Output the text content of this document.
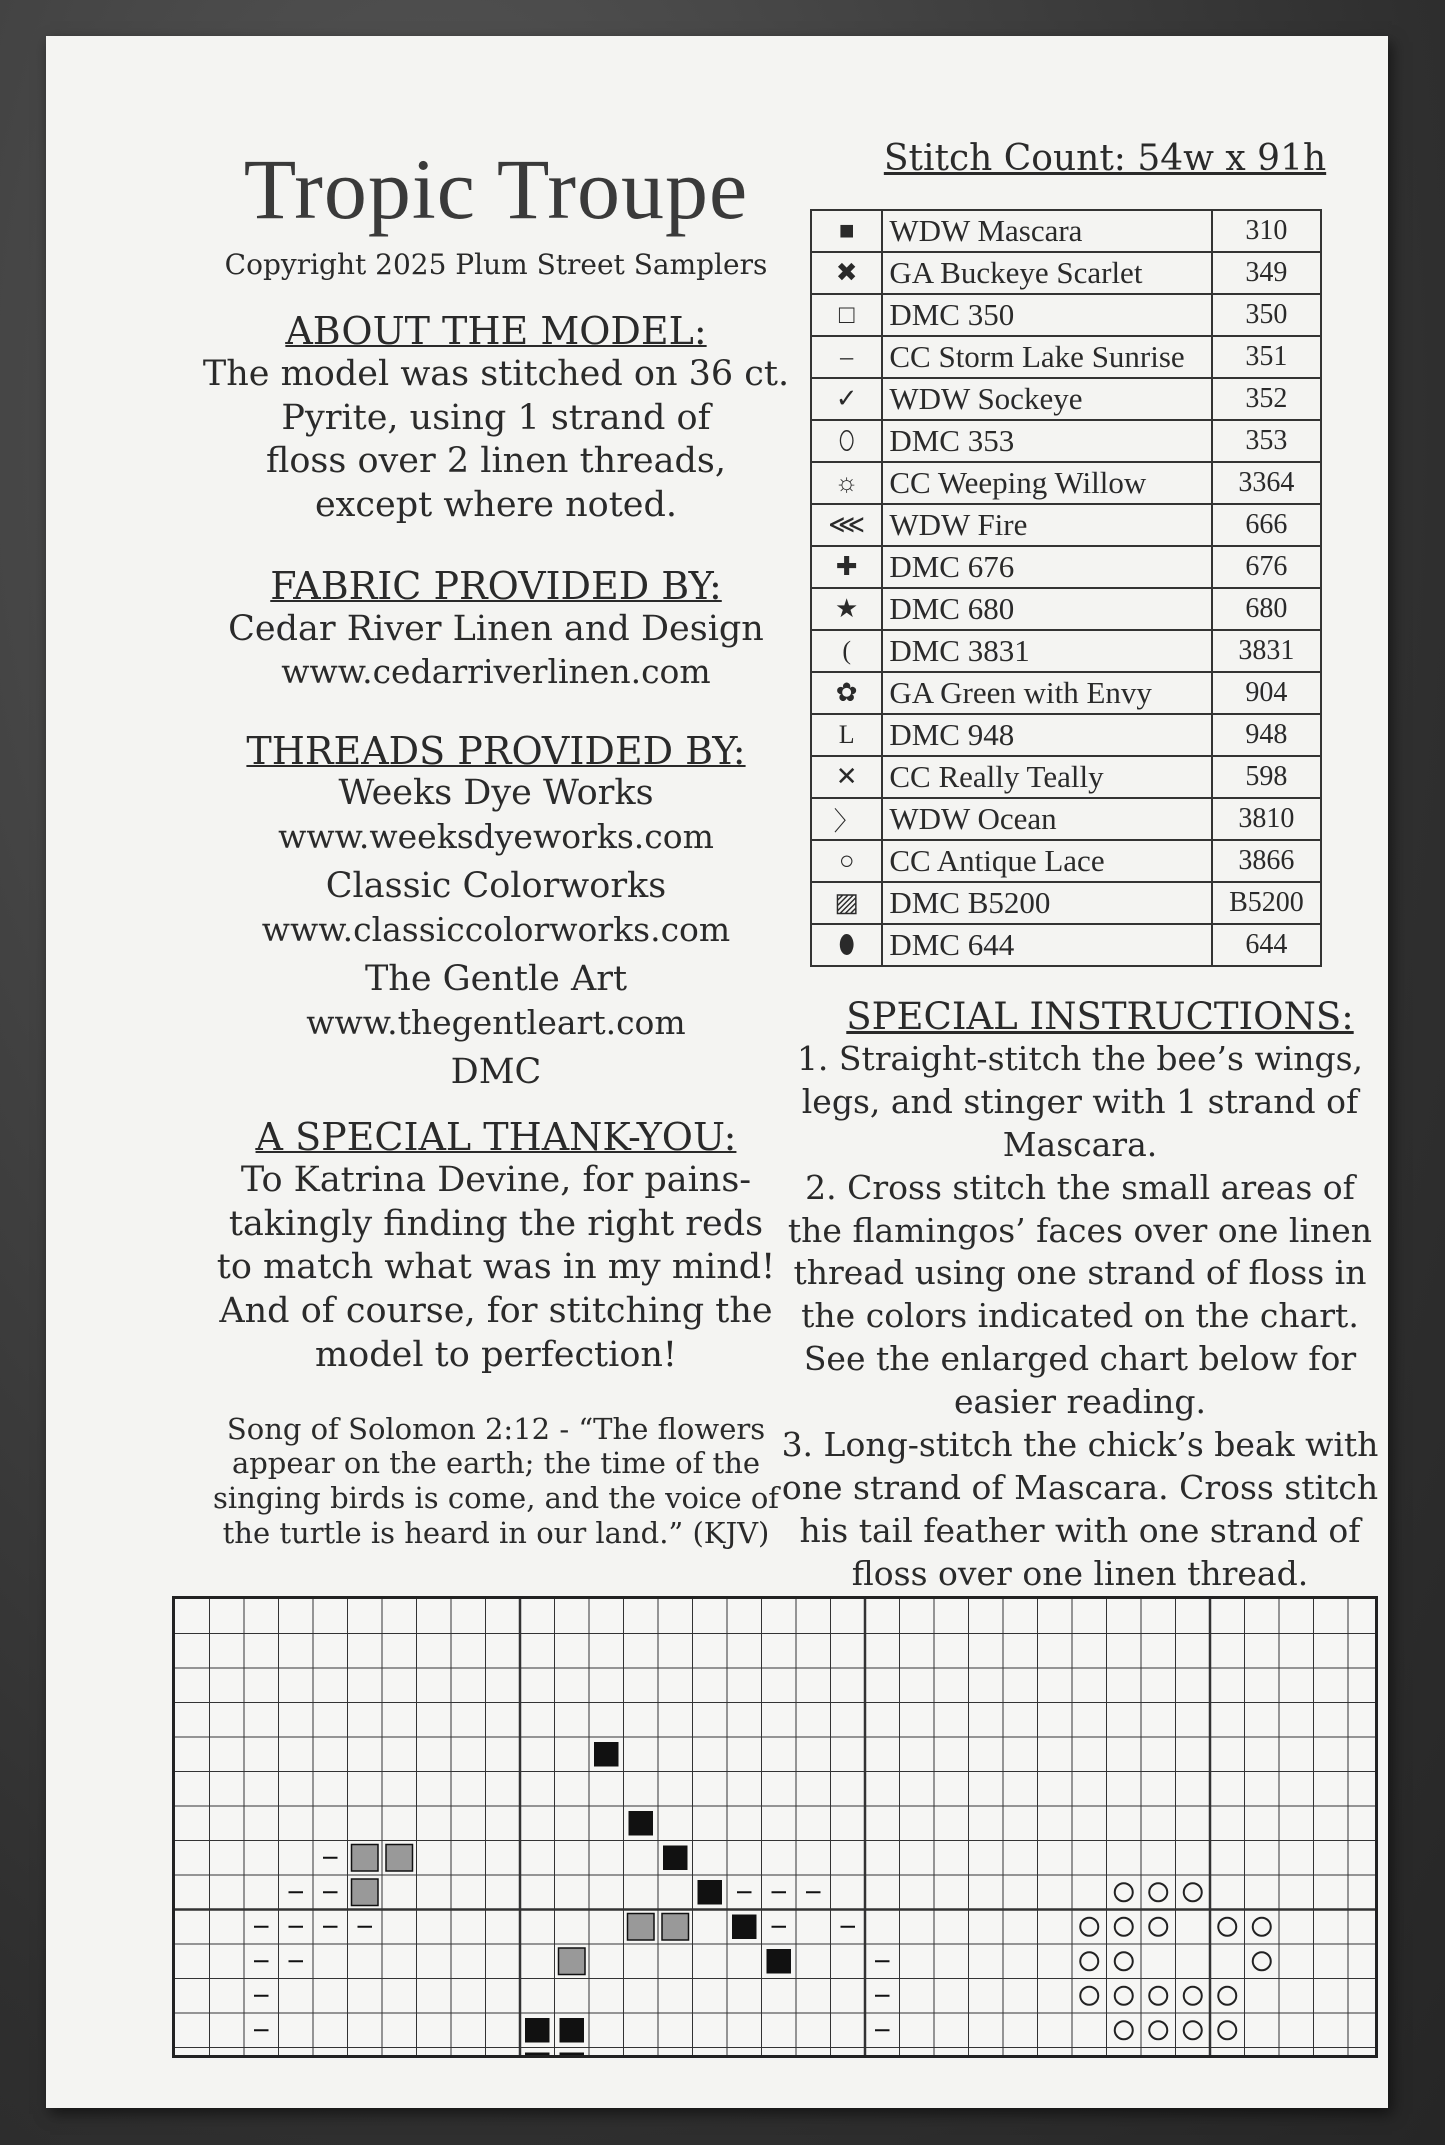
Tropic Troupe
Copyright 2025 Plum Street Samplers
ABOUT THE MODEL:
The model was stitched on 36 ct.
Pyrite, using 1 strand of
floss over 2 linen threads,
except where noted.
FABRIC PROVIDED BY:
Cedar River Linen and Design
www.cedarriverlinen.com
THREADS PROVIDED BY:
Weeks Dye Works
www.weeksdyeworks.com
Classic Colorworks
www.classiccolorworks.com
The Gentle Art
www.thegentleart.com
DMC
A SPECIAL THANK-YOU:
To Katrina Devine, for pains-
takingly finding the right reds
to match what was in my mind!
And of course, for stitching the
model to perfection!
Song of Solomon 2:12 - “The flowers
appear on the earth; the time of the
singing birds is come, and the voice of
the turtle is heard in our land.” (KJV)
Stitch Count: 54w x 91h
■	WDW Mascara	310
✖	GA Buckeye Scarlet	349
□	DMC 350	350
–	CC Storm Lake Sunrise	351
✓	WDW Sockeye	352
⬯	DMC 353	353
☼	CC Weeping Willow	3364
⋘	WDW Fire	666
✚	DMC 676	676
★	DMC 680	680
(	DMC 3831	3831
✿	GA Green with Envy	904
L	DMC 948	948
✕	CC Really Teally	598
〉	WDW Ocean	3810
○	CC Antique Lace	3866
▨	DMC B5200	B5200
⬮	DMC 644	644
SPECIAL INSTRUCTIONS:

1. Straight-stitch the bee’s wings, legs, and stinger with 1 strand of Mascara.

2. Cross stitch the small areas of the flamingos’ faces over one linen thread using one strand of floss in the colors indicated on the chart. See the enlarged chart below for easier reading.

3. Long-stitch the chick’s beak with one strand of Mascara. Cross stitch his tail feather with one strand of floss over one linen thread.
